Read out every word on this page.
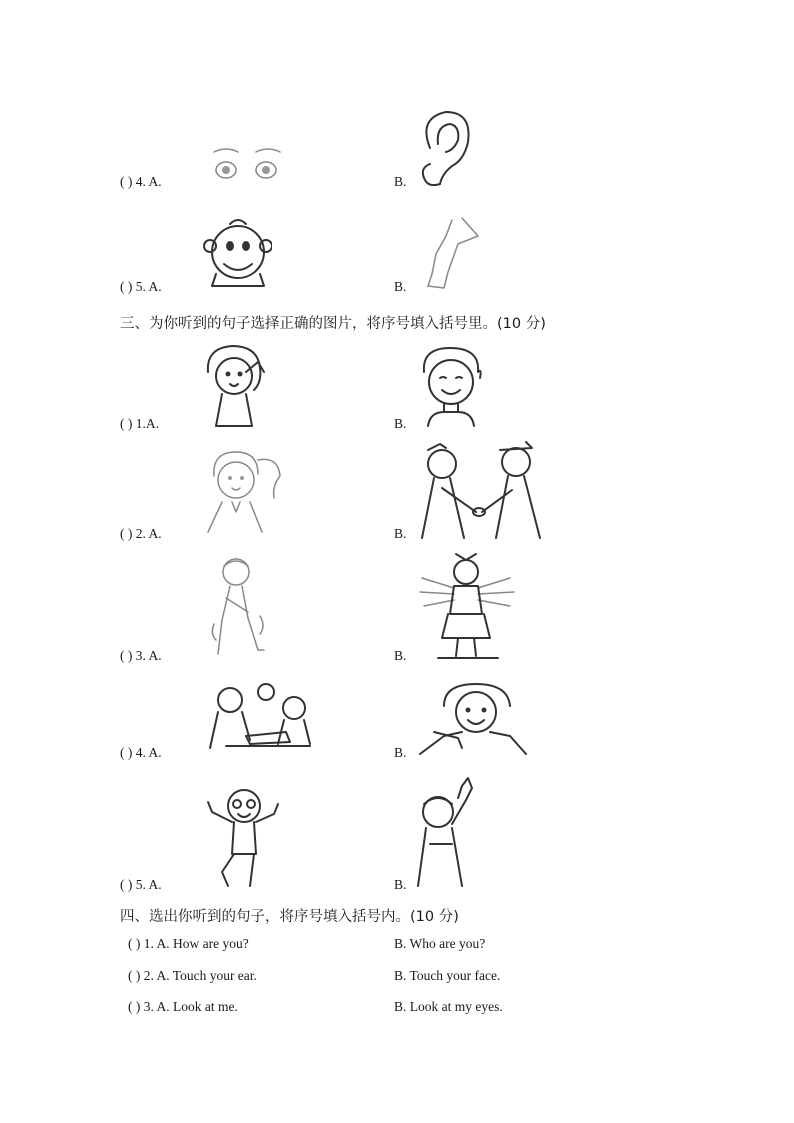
( ) 4. A.	B.
( ) 5. A.	B.
三、为你听到的句子选择正确的图片，将序号填入括号里。(10 分)
( ) 1.A.	B.
( ) 2. A.	B.
( ) 3. A.	B.
( ) 4. A.	B.
( ) 5. A.	B.
四、选出你听到的句子，将序号填入括号内。(10 分)
( ) 1. A. How are you?	B. Who are you?
( ) 2. A. Touch your ear.	B. Touch your face.
( ) 3. A. Look at me.	B. Look at my eyes.
